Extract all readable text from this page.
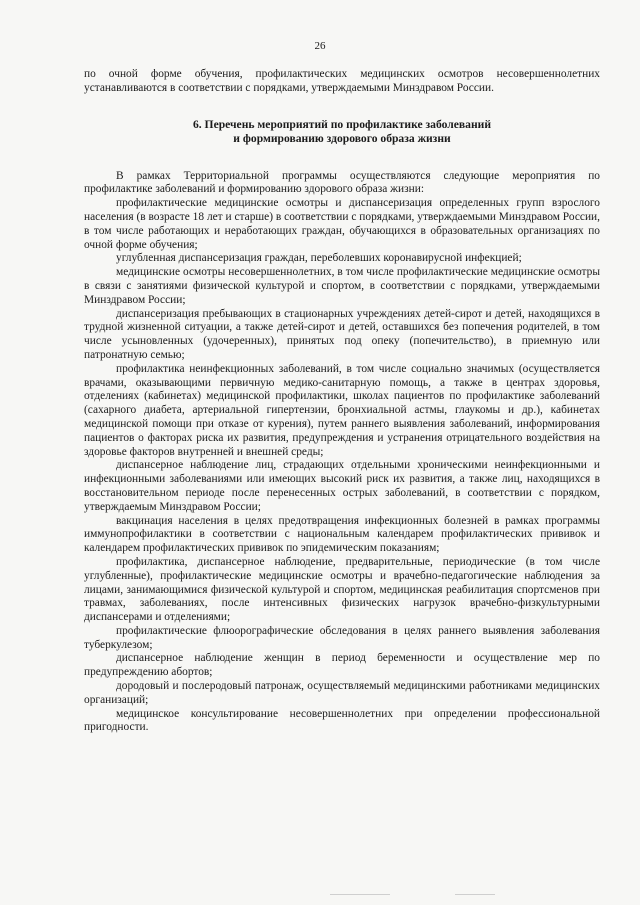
26

по очной форме обучения, профилактических медицинских осмотров несовершеннолетних устанавливаются в соответствии с порядками, утверждаемыми Минздравом России.

6. Перечень мероприятий по профилактике заболеваний
и формированию здорового образа жизни

В рамках Территориальной программы осуществляются следующие мероприятия по профилактике заболеваний и формированию здорового образа жизни:

профилактические медицинские осмотры и диспансеризация определенных групп взрослого населения (в возрасте 18 лет и старше) в соответствии с порядками, утверждаемыми Минздравом России, в том числе работающих и неработающих граждан, обучающихся в образовательных организациях по очной форме обучения;

углубленная диспансеризация граждан, переболевших коронавирусной инфекцией;

медицинские осмотры несовершеннолетних, в том числе профилактические медицинские осмотры в связи с занятиями физической культурой и спортом, в соответствии с порядками, утверждаемыми Минздравом России;

диспансеризация пребывающих в стационарных учреждениях детей-сирот и детей, находящихся в трудной жизненной ситуации, а также детей-сирот и детей, оставшихся без попечения родителей, в том числе усыновленных (удочеренных), принятых под опеку (попечительство), в приемную или патронатную семью;

профилактика неинфекционных заболеваний, в том числе социально значимых (осуществляется врачами, оказывающими первичную медико-санитарную помощь, а также в центрах здоровья, отделениях (кабинетах) медицинской профилактики, школах пациентов по профилактике заболеваний (сахарного диабета, артериальной гипертензии, бронхиальной астмы, глаукомы и др.), кабинетах медицинской помощи при отказе от курения), путем раннего выявления заболеваний, информирования пациентов о факторах риска их развития, предупреждения и устранения отрицательного воздействия на здоровье факторов внутренней и внешней среды;

диспансерное наблюдение лиц, страдающих отдельными хроническими неинфекционными и инфекционными заболеваниями или имеющих высокий риск их развития, а также лиц, находящихся в восстановительном периоде после перенесенных острых заболеваний, в соответствии с порядком, утверждаемым Минздравом России;

вакцинация населения в целях предотвращения инфекционных болезней в рамках программы иммунопрофилактики в соответствии с национальным календарем профилактических прививок и календарем профилактических прививок по эпидемическим показаниям;

профилактика, диспансерное наблюдение, предварительные, периодические (в том числе углубленные), профилактические медицинские осмотры и врачебно-педагогические наблюдения за лицами, занимающимися физической культурой и спортом, медицинская реабилитация спортсменов при травмах, заболеваниях, после интенсивных физических нагрузок врачебно-физкультурными диспансерами и отделениями;

профилактические флюорографические обследования в целях раннего выявления заболевания туберкулезом;

диспансерное наблюдение женщин в период беременности и осуществление мер по предупреждению абортов;

дородовый и послеродовый патронаж, осуществляемый медицинскими работниками медицинских организаций;

медицинское консультирование несовершеннолетних при определении профессиональной пригодности.
